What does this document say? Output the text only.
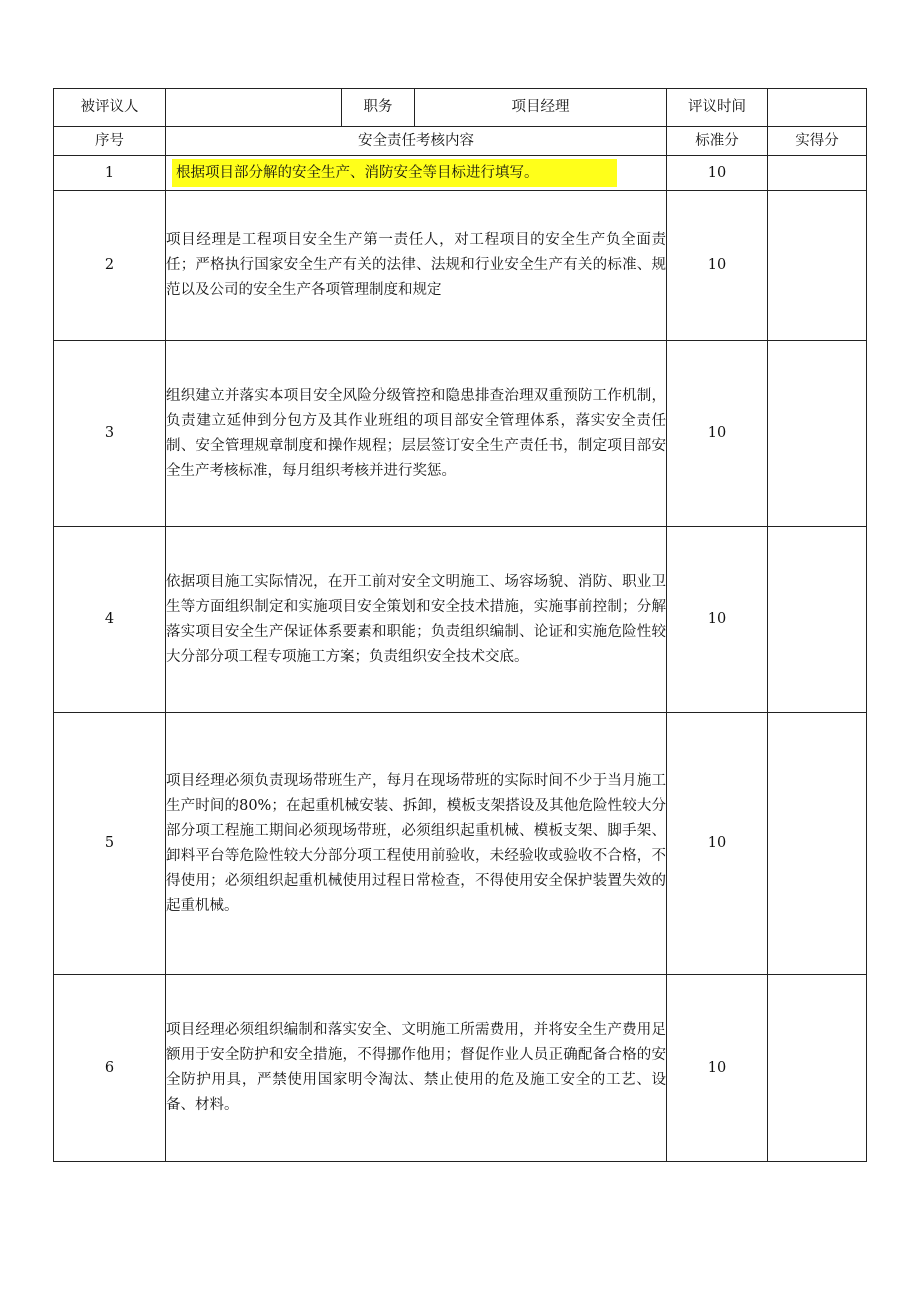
被评议人		职务	项目经理	评议时间	
序号	安全责任考核内容			标准分	实得分
1	根据项目部分解的安全生产、消防安全等目标进行填写。			10	
2	项目经理是工程项目安全生产第一责任人，对工程项目的安全生产负全面责任；严格执行国家安全生产有关的法律、法规和行业安全生产有关的标准、规范以及公司的安全生产各项管理制度和规定			10	
3	组织建立并落实本项目安全风险分级管控和隐患排查治理双重预防工作机制，负责建立延伸到分包方及其作业班组的项目部安全管理体系，落实安全责任制、安全管理规章制度和操作规程；层层签订安全生产责任书，制定项目部安全生产考核标准，每月组织考核并进行奖惩。			10	
4	依据项目施工实际情况，在开工前对安全文明施工、场容场貌、消防、职业卫生等方面组织制定和实施项目安全策划和安全技术措施，实施事前控制；分解落实项目安全生产保证体系要素和职能；负责组织编制、论证和实施危险性较大分部分项工程专项施工方案；负责组织安全技术交底。			10	
5	项目经理必须负责现场带班生产，每月在现场带班的实际时间不少于当月施工生产时间的80%；在起重机械安装、拆卸，模板支架搭设及其他危险性较大分部分项工程施工期间必须现场带班，必须组织起重机械、模板支架、脚手架、卸料平台等危险性较大分部分项工程使用前验收，未经验收或验收不合格，不得使用；必须组织起重机械使用过程日常检查，不得使用安全保护装置失效的起重机械。			10	
6	项目经理必须组织编制和落实安全、文明施工所需费用，并将安全生产费用足额用于安全防护和安全措施，不得挪作他用；督促作业人员正确配备合格的安全防护用具，严禁使用国家明令淘汰、禁止使用的危及施工安全的工艺、设备、材料。			10	
